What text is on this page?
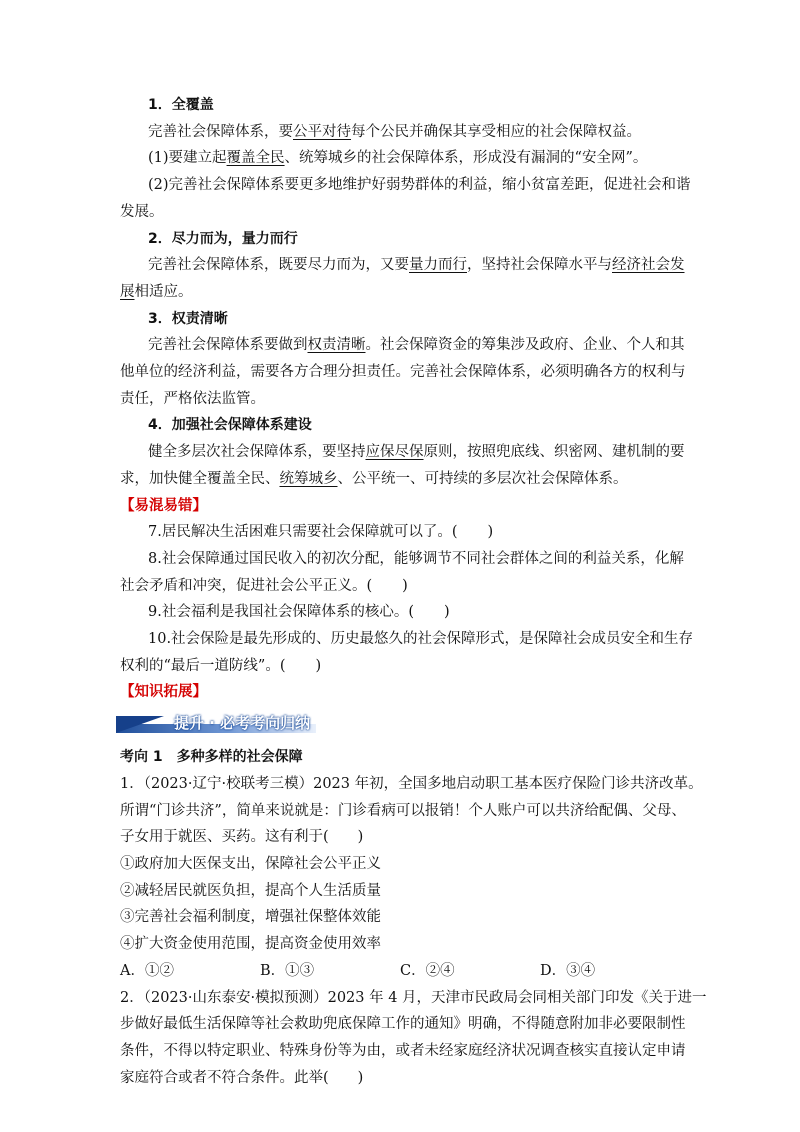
1．全覆盖
完善社会保障体系，要公平对待每个公民并确保其享受相应的社会保障权益。
(1)要建立起覆盖全民、统筹城乡的社会保障体系，形成没有漏洞的“安全网”。
(2)完善社会保障体系要更多地维护好弱势群体的利益，缩小贫富差距，促进社会和谐
发展。
2．尽力而为，量力而行
完善社会保障体系，既要尽力而为，又要量力而行，坚持社会保障水平与经济社会发
展相适应。
3．权责清晰
完善社会保障体系要做到权责清晰。社会保障资金的筹集涉及政府、企业、个人和其
他单位的经济利益，需要各方合理分担责任。完善社会保障体系，必须明确各方的权利与
责任，严格依法监管。
4．加强社会保障体系建设
健全多层次社会保障体系，要坚持应保尽保原则，按照兜底线、织密网、建机制的要
求，加快健全覆盖全民、统筹城乡、公平统一、可持续的多层次社会保障体系。
【易混易错】
7.居民解决生活困难只需要社会保障就可以了。( )
8.社会保障通过国民收入的初次分配，能够调节不同社会群体之间的利益关系，化解
社会矛盾和冲突，促进社会公平正义。( )
9.社会福利是我国社会保障体系的核心。( )
10.社会保险是最先形成的、历史最悠久的社会保障形式，是保障社会成员安全和生存
权利的“最后一道防线”。( )
【知识拓展】
提升 · 必考考向归纳
考向 1　多种多样的社会保障
1．（2023·辽宁·校联考三模）2023 年初，全国多地启动职工基本医疗保险门诊共济改革。
所谓“门诊共济”，简单来说就是：门诊看病可以报销！个人账户可以共济给配偶、父母、
子女用于就医、买药。这有利于(　　)
①政府加大医保支出，保障社会公平正义
②减轻居民就医负担，提高个人生活质量
③完善社会福利制度，增强社保整体效能
④扩大资金使用范围，提高资金使用效率
A．①②	B．①③	C．②④	D．③④
2．（2023·山东泰安·模拟预测）2023 年 4 月，天津市民政局会同相关部门印发《关于进一
步做好最低生活保障等社会救助兜底保障工作的通知》明确，不得随意附加非必要限制性
条件，不得以特定职业、特殊身份等为由，或者未经家庭经济状况调查核实直接认定申请
家庭符合或者不符合条件。此举(　　)
